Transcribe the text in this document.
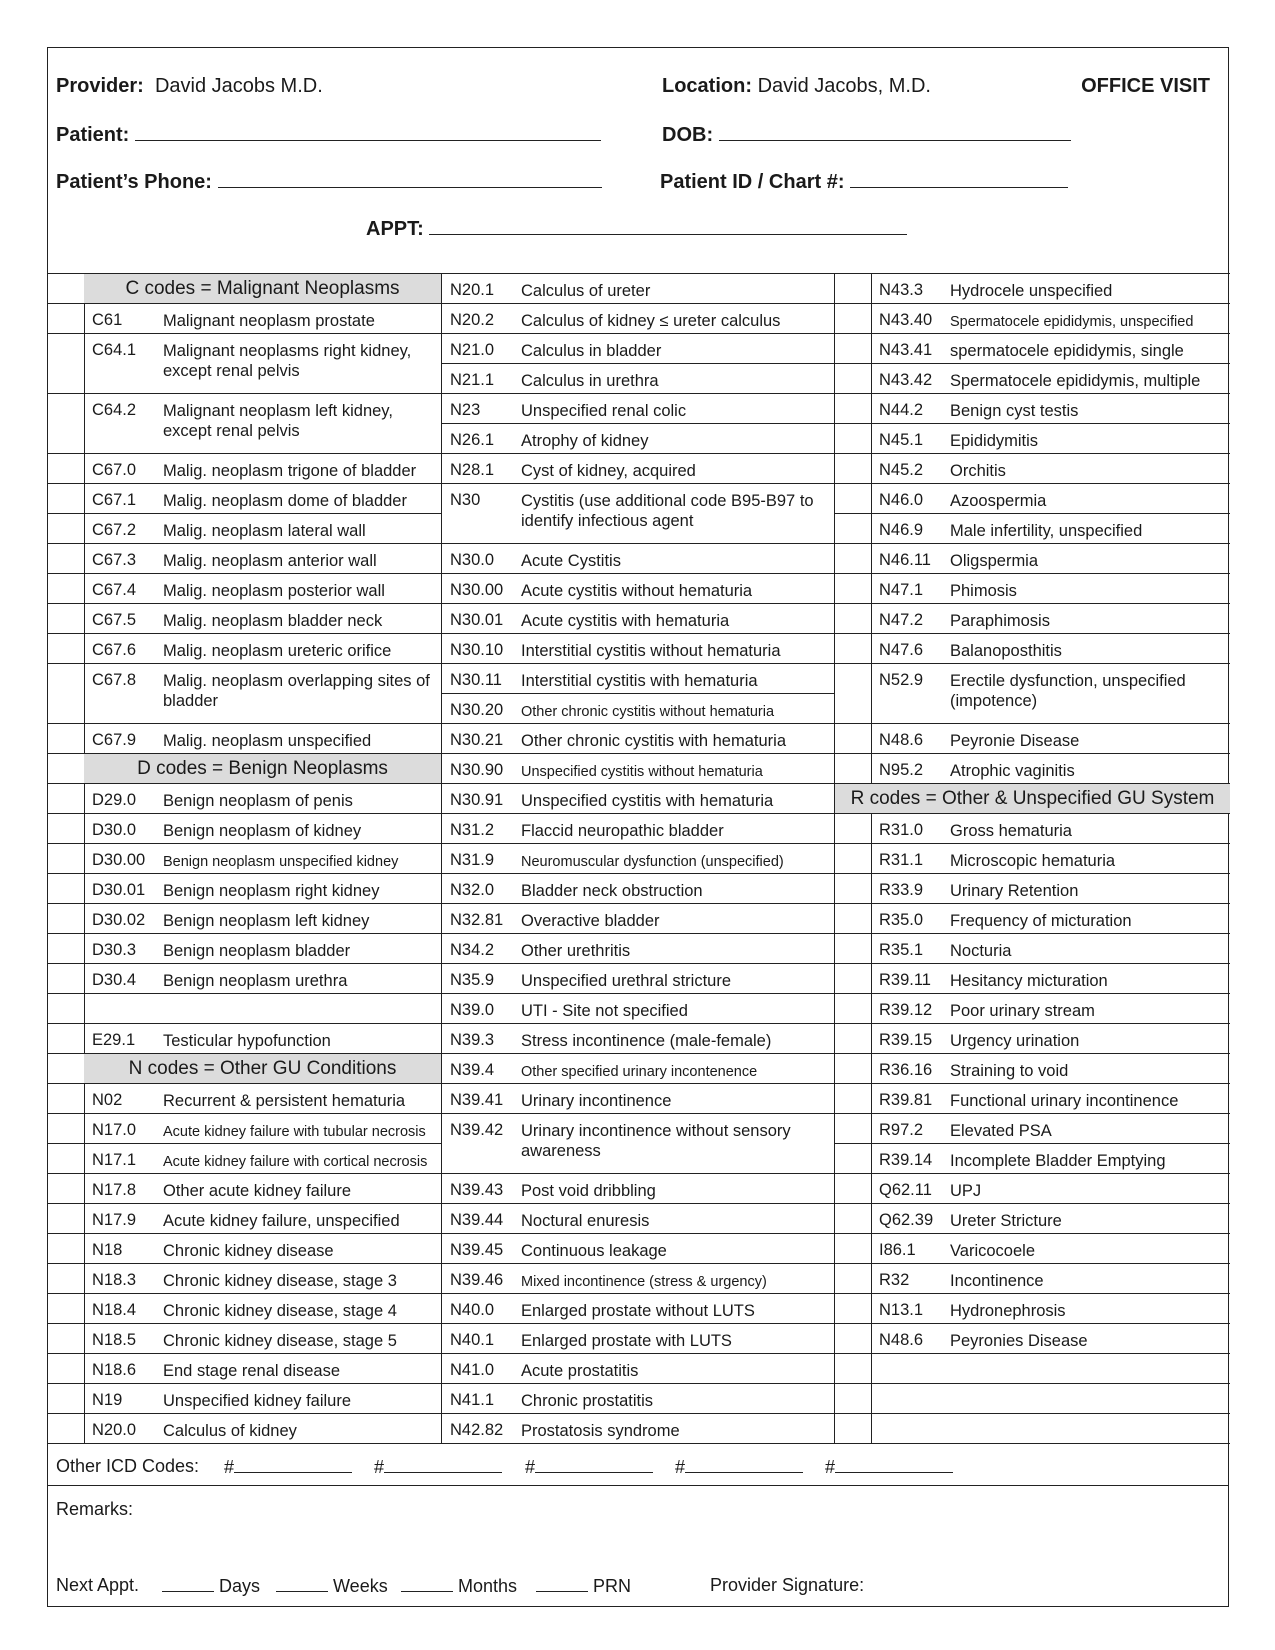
Provider: David Jacobs M.D.	Location: David Jacobs, M.D.	OFFICE VISIT
Patient:	DOB:
Patient’s Phone:	Patient ID / Chart #:
APPT:
C codes = Malignant Neoplasms
C61 Malignant neoplasm prostate
C64.1 Malignant neoplasms right kidney, except renal pelvis
C64.2 Malignant neoplasm left kidney, except renal pelvis
C67.0 Malig. neoplasm trigone of bladder
C67.1 Malig. neoplasm dome of bladder
C67.2 Malig. neoplasm lateral wall
C67.3 Malig. neoplasm anterior wall
C67.4 Malig. neoplasm posterior wall
C67.5 Malig. neoplasm bladder neck
C67.6 Malig. neoplasm ureteric orifice
C67.8 Malig. neoplasm overlapping sites of bladder
C67.9 Malig. neoplasm unspecified
D codes = Benign Neoplasms
D29.0 Benign neoplasm of penis
D30.0 Benign neoplasm of kidney
D30.00 Benign neoplasm unspecified kidney
D30.01 Benign neoplasm right kidney
D30.02 Benign neoplasm left kidney
D30.3 Benign neoplasm bladder
D30.4 Benign neoplasm urethra
E29.1 Testicular hypofunction
N codes = Other GU Conditions
N02 Recurrent & persistent hematuria
N17.0 Acute kidney failure with tubular necrosis
N17.1 Acute kidney failure with cortical necrosis
N17.8 Other acute kidney failure
N17.9 Acute kidney failure, unspecified
N18 Chronic kidney disease
N18.3 Chronic kidney disease, stage 3
N18.4 Chronic kidney disease, stage 4
N18.5 Chronic kidney disease, stage 5
N18.6 End stage renal disease
N19 Unspecified kidney failure
N20.0 Calculus of kidney
N20.1 Calculus of ureter
N20.2 Calculus of kidney ≤ ureter calculus
N21.0 Calculus in bladder
N21.1 Calculus in urethra
N23 Unspecified renal colic
N26.1 Atrophy of kidney
N28.1 Cyst of kidney, acquired
N30 Cystitis (use additional code B95-B97 to identify infectious agent
N30.0 Acute Cystitis
N30.00 Acute cystitis without hematuria
N30.01 Acute cystitis with hematuria
N30.10 Interstitial cystitis without hematuria
N30.11 Interstitial cystitis with hematuria
N30.20 Other chronic cystitis without hematuria
N30.21 Other chronic cystitis with hematuria
N30.90 Unspecified cystitis without hematuria
N30.91 Unspecified cystitis with hematuria
N31.2 Flaccid neuropathic bladder
N31.9 Neuromuscular dysfunction (unspecified)
N32.0 Bladder neck obstruction
N32.81 Overactive bladder
N34.2 Other urethritis
N35.9 Unspecified urethral stricture
N39.0 UTI - Site not specified
N39.3 Stress incontinence (male-female)
N39.4 Other specified urinary incontenence
N39.41 Urinary incontinence
N39.42 Urinary incontinence without sensory awareness
N39.43 Post void dribbling
N39.44 Noctural enuresis
N39.45 Continuous leakage
N39.46 Mixed incontinence (stress & urgency)
N40.0 Enlarged prostate without LUTS
N40.1 Enlarged prostate with LUTS
N41.0 Acute prostatitis
N41.1 Chronic prostatitis
N42.82 Prostatosis syndrome
N43.3 Hydrocele unspecified
N43.40 Spermatocele epididymis, unspecified
N43.41 spermatocele epididymis, single
N43.42 Spermatocele epididymis, multiple
N44.2 Benign cyst testis
N45.1 Epididymitis
N45.2 Orchitis
N46.0 Azoospermia
N46.9 Male infertility, unspecified
N46.11 Oligspermia
N47.1 Phimosis
N47.2 Paraphimosis
N47.6 Balanoposthitis
N52.9 Erectile dysfunction, unspecified (impotence)
N48.6 Peyronie Disease
N95.2 Atrophic vaginitis
R codes = Other & Unspecified GU System
R31.0 Gross hematuria
R31.1 Microscopic hematuria
R33.9 Urinary Retention
R35.0 Frequency of micturation
R35.1 Nocturia
R39.11 Hesitancy micturation
R39.12 Poor urinary stream
R39.15 Urgency urination
R36.16 Straining to void
R39.81 Functional urinary incontinence
R97.2 Elevated PSA
R39.14 Incomplete Bladder Emptying
Q62.11 UPJ
Q62.39 Ureter Stricture
I86.1 Varicocoele
R32 Incontinence
N13.1 Hydronephrosis
N48.6 Peyronies Disease
Other ICD Codes: #	#	#	#	#
Remarks:
Next Appt.	Days	Weeks	Months	PRN	Provider Signature:
